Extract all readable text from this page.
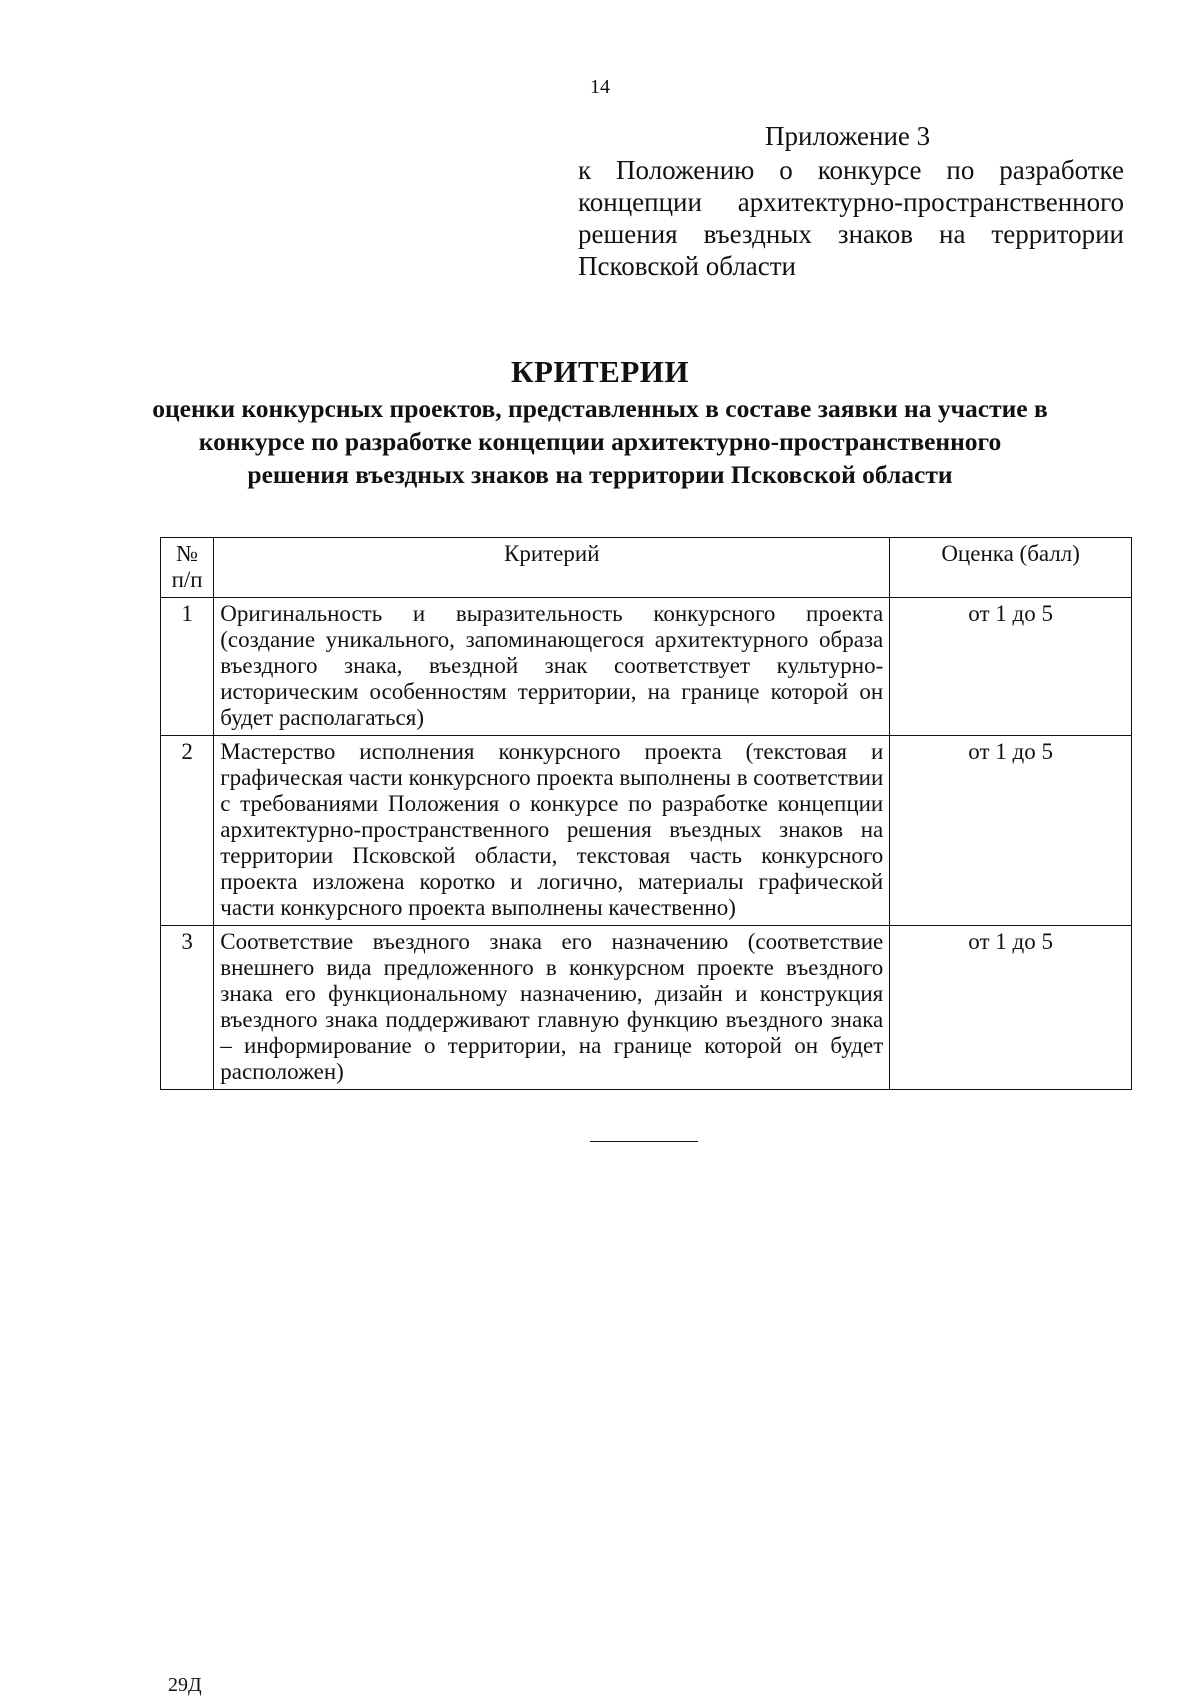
14
Приложение 3
к Положению о конкурсе по разработке концепции архитектурно-пространственного решения въездных знаков на территории Псковской области
КРИТЕРИИ
оценки конкурсных проектов, представленных в составе заявки на участие в конкурсе по разработке концепции архитектурно-пространственного решения въездных знаков на территории Псковской области
№ п/п	Критерий	Оценка (балл)
1	Оригинальность и выразительность конкурсного проекта (создание уникального, запоминающегося архитектурного образа въездного знака, въездной знак соответствует культурно-историческим особенностям территории, на границе которой он будет располагаться)	от 1 до 5
2	Мастерство исполнения конкурсного проекта (текстовая и графическая части конкурсного проекта выполнены в соответствии с требованиями Положения о конкурсе по разработке концепции архитектурно-пространственного решения въездных знаков на территории Псковской области, текстовая часть конкурсного проекта изложена коротко и логично, материалы графической части конкурсного проекта выполнены качественно)	от 1 до 5
3	Соответствие въездного знака его назначению (соответствие внешнего вида предложенного в конкурсном проекте въездного знака его функциональному назначению, дизайн и конструкция въездного знака поддерживают главную функцию въездного знака – информирование о территории, на границе которой он будет расположен)	от 1 до 5
29Д
